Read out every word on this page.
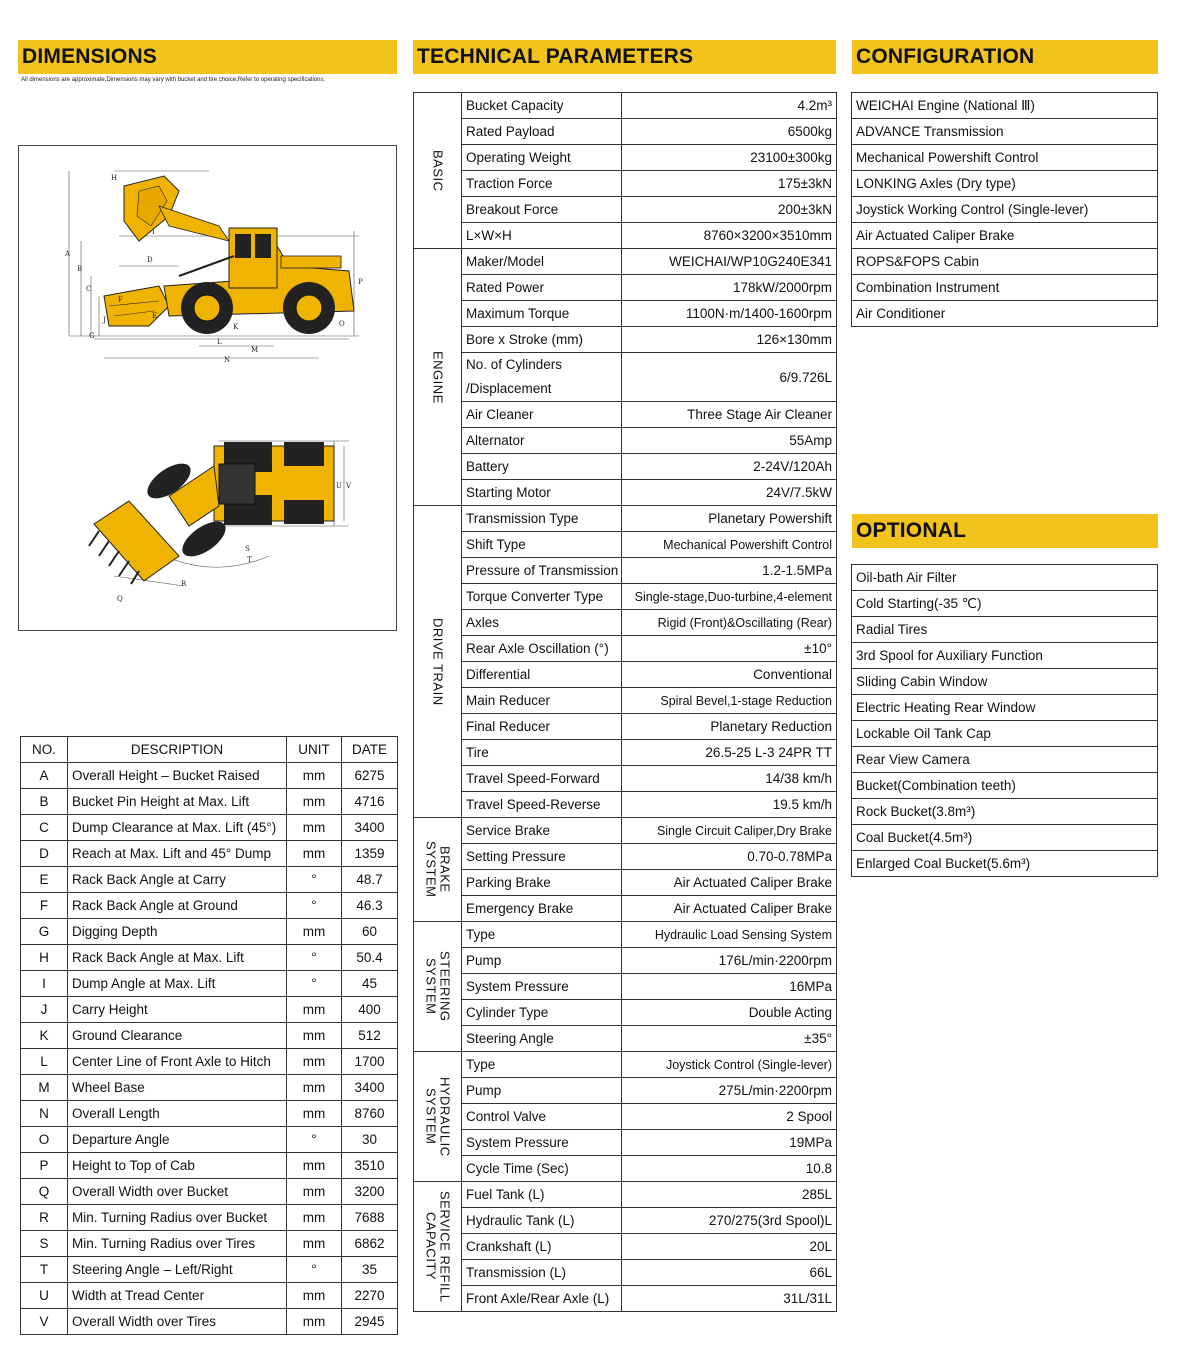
DIMENSIONS
All dimensions are approximate,Dimensions may vary with bucket and tire choice,Refer to operating specifications.
TECHNICAL PARAMETERS	CONFIGURATION
OPTIONAL
A
B
C
D
E
F
G
H
I
J
K
L
M
N
O
P
Q
R
S
T
U V
NO.	DESCRIPTION	UNIT	DATE
A	Overall Height – Bucket Raised	mm	6275
B	Bucket Pin Height at Max. Lift	mm	4716
C	Dump Clearance at Max. Lift (45°)	mm	3400
D	Reach at Max. Lift and 45° Dump	mm	1359
E	Rack Back Angle at Carry	°	48.7
F	Rack Back Angle at Ground	°	46.3
G	Digging Depth	mm	60
H	Rack Back Angle at Max. Lift	°	50.4
I	Dump Angle at Max. Lift	°	45
J	Carry Height	mm	400
K	Ground Clearance	mm	512
L	Center Line of Front Axle to Hitch	mm	1700
M	Wheel Base	mm	3400
N	Overall Length	mm	8760
O	Departure Angle	°	30
P	Height to Top of Cab	mm	3510
Q	Overall Width over Bucket	mm	3200
R	Min. Turning Radius over Bucket	mm	7688
S	Min. Turning Radius over Tires	mm	6862
T	Steering Angle – Left/Right	°	35
U	Width at Tread Center	mm	2270
V	Overall Width over Tires	mm	2945
BASIC	Bucket Capacity	4.2m³
	Rated Payload	6500kg
	Operating Weight	23100±300kg
	Traction Force	175±3kN
	Breakout Force	200±3kN
	L×W×H	8760×3200×3510mm

ENGINE	Maker/Model	WEICHAI/WP10G240E341
	Rated Power	178kW/2000rpm
	Maximum Torque	1100N·m/1400-1600rpm
	Bore x Stroke (mm)	126×130mm
	No. of Cylinders /Displacement	6/9.726L
	Air Cleaner	Three Stage Air Cleaner
	Alternator	55Amp
	Battery	2-24V/120Ah
	Starting Motor	24V/7.5kW

DRIVE TRAIN	Transmission Type	Planetary Powershift
	Shift Type	Mechanical Powershift Control
	Pressure of Transmission	1.2-1.5MPa
	Torque Converter Type	Single-stage,Duo-turbine,4-element
	Axles	Rigid (Front)&Oscillating (Rear)
	Rear Axle Oscillation (°)	±10°
	Differential	Conventional
	Main Reducer	Spiral Bevel,1-stage Reduction
	Final Reducer	Planetary Reduction
	Tire	26.5-25 L-3 24PR TT
	Travel Speed-Forward	14/38 km/h
	Travel Speed-Reverse	19.5 km/h

BRAKE SYSTEM	Service Brake	Single Circuit Caliper,Dry Brake
	Setting Pressure	0.70-0.78MPa
	Parking Brake	Air Actuated Caliper Brake
	Emergency Brake	Air Actuated Caliper Brake

STEERING SYSTEM	Type	Hydraulic Load Sensing System
	Pump	176L/min·2200rpm
	System Pressure	16MPa
	Cylinder Type	Double Acting
	Steering Angle	±35°

HYDRAULIC SYSTEM	Type	Joystick Control (Single-lever)
	Pump	275L/min·2200rpm
	Control Valve	2 Spool
	System Pressure	19MPa
	Cycle Time (Sec)	10.8

SERVICE REFILL CAPACITY	Fuel Tank (L)	285L
	Hydraulic Tank (L)	270/275(3rd Spool)L
	Crankshaft (L)	20L
	Transmission (L)	66L
	Front Axle/Rear Axle (L)	31L/31L
WEICHAI Engine (National Ⅲ)
ADVANCE Transmission
Mechanical Powershift Control
LONKING Axles (Dry type)
Joystick Working Control (Single-lever)
Air Actuated Caliper Brake
ROPS&FOPS Cabin
Combination Instrument
Air Conditioner
Oil-bath Air Filter
Cold Starting(-35 ℃)
Radial Tires
3rd Spool for Auxiliary Function
Sliding Cabin Window
Electric Heating Rear Window
Lockable Oil Tank Cap
Rear View Camera
Bucket(Combination teeth)
Rock Bucket(3.8m³)
Coal Bucket(4.5m³)
Enlarged Coal Bucket(5.6m³)
